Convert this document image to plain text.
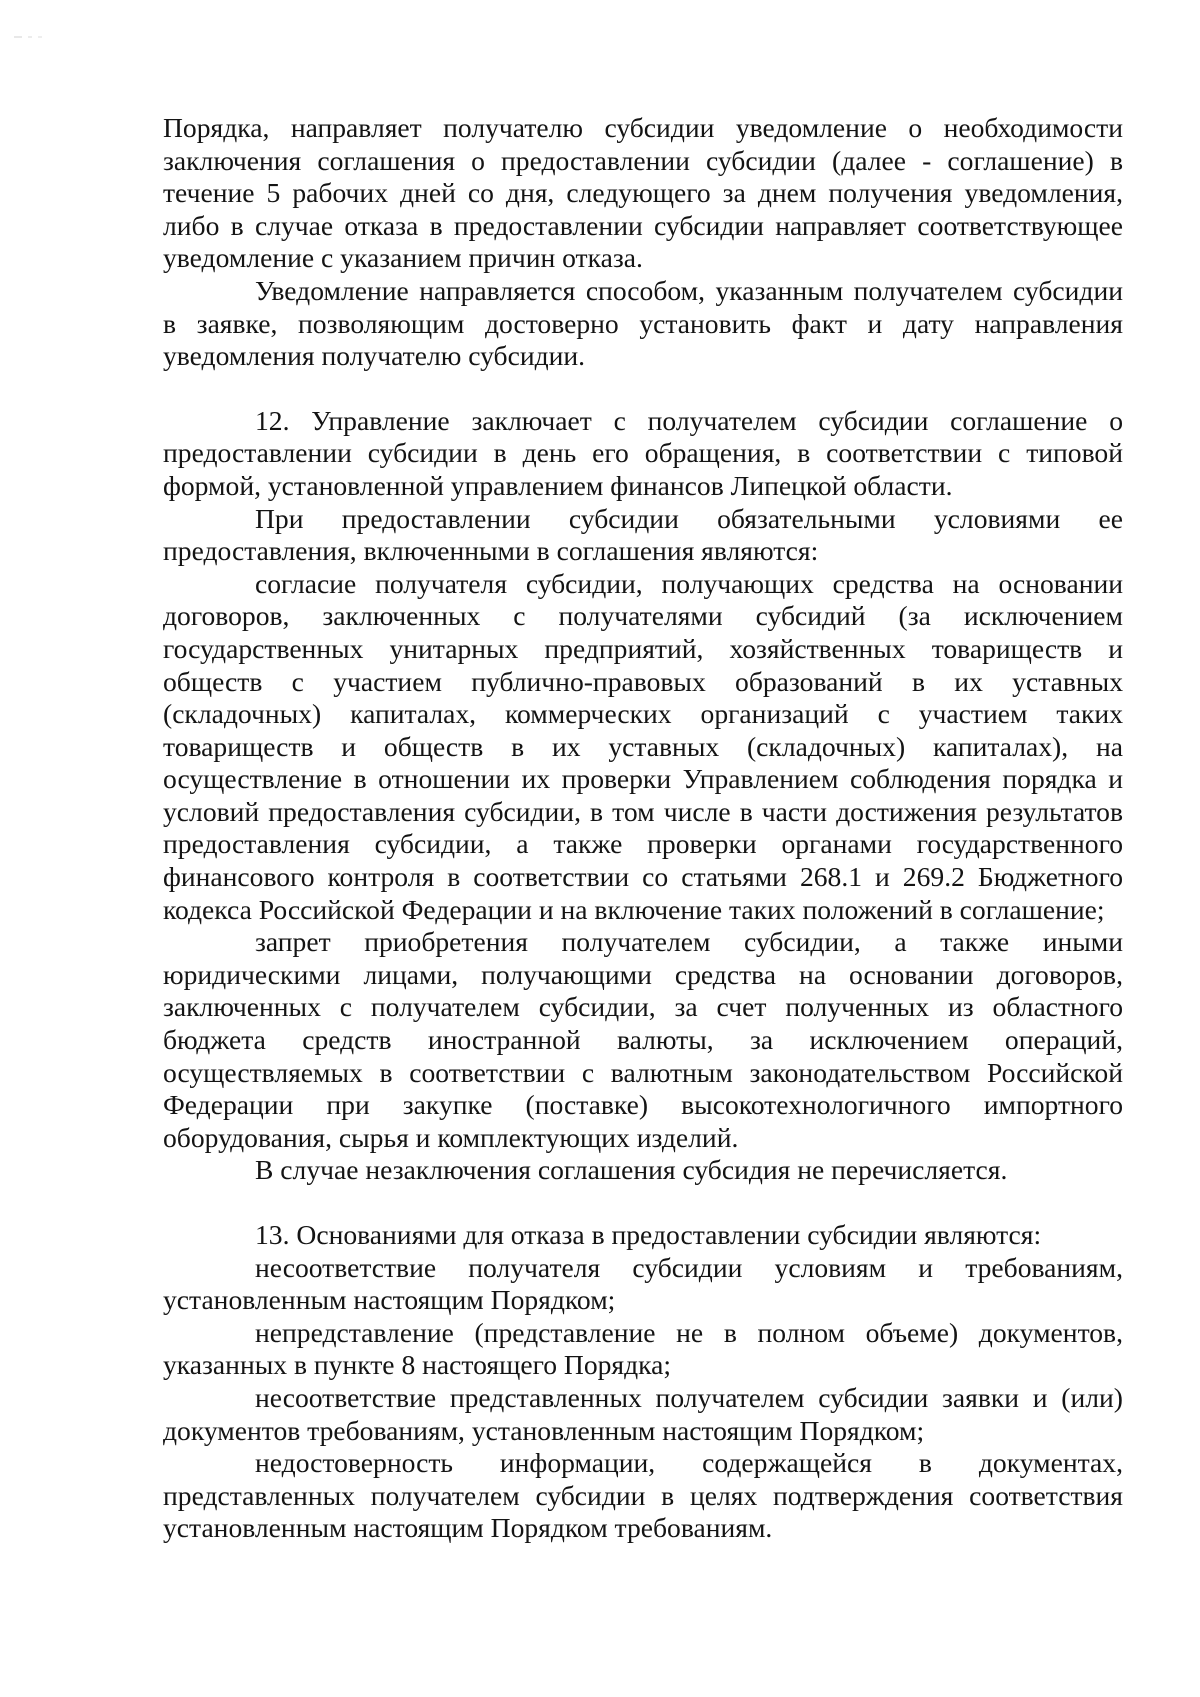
Порядка, направляет получателю субсидии уведомление о необходимости заключения соглашения о предоставлении субсидии (далее - соглашение) в течение 5 рабочих дней со дня, следующего за днем получения уведомления, либо в случае отказа в предоставлении субсидии направляет соответствующее уведомление с указанием причин отказа.

Уведомление направляется способом, указанным получателем субсидии в заявке, позволяющим достоверно установить факт и дату направления уведомления получателю субсидии.

12. Управление заключает с получателем субсидии соглашение о предоставлении субсидии в день его обращения, в соответствии с типовой формой, установленной управлением финансов Липецкой области.

При предоставлении субсидии обязательными условиями ее предоставления, включенными в соглашения являются:

согласие получателя субсидии, получающих средства на основании договоров, заключенных с получателями субсидий (за исключением государственных унитарных предприятий, хозяйственных товариществ и обществ с участием публично-правовых образований в их уставных (складочных) капиталах, коммерческих организаций с участием таких товариществ и обществ в их уставных (складочных) капиталах), на осуществление в отношении их проверки Управлением соблюдения порядка и условий предоставления субсидии, в том числе в части достижения результатов предоставления субсидии, а также проверки органами государственного финансового контроля в соответствии со статьями 268.1 и 269.2 Бюджетного кодекса Российской Федерации и на включение таких положений в соглашение;

запрет приобретения получателем субсидии, а также иными юридическими лицами, получающими средства на основании договоров, заключенных с получателем субсидии, за счет полученных из областного бюджета средств иностранной валюты, за исключением операций, осуществляемых в соответствии с валютным законодательством Российской Федерации при закупке (поставке) высокотехнологичного импортного оборудования, сырья и комплектующих изделий.

В случае незаключения соглашения субсидия не перечисляется.

13. Основаниями для отказа в предоставлении субсидии являются:

несоответствие получателя субсидии условиям и требованиям, установленным настоящим Порядком;

непредставление (представление не в полном объеме) документов, указанных в пункте 8 настоящего Порядка;

несоответствие представленных получателем субсидии заявки и (или) документов требованиям, установленным настоящим Порядком;

недостоверность информации, содержащейся в документах, представленных получателем субсидии в целях подтверждения соответствия установленным настоящим Порядком требованиям.
